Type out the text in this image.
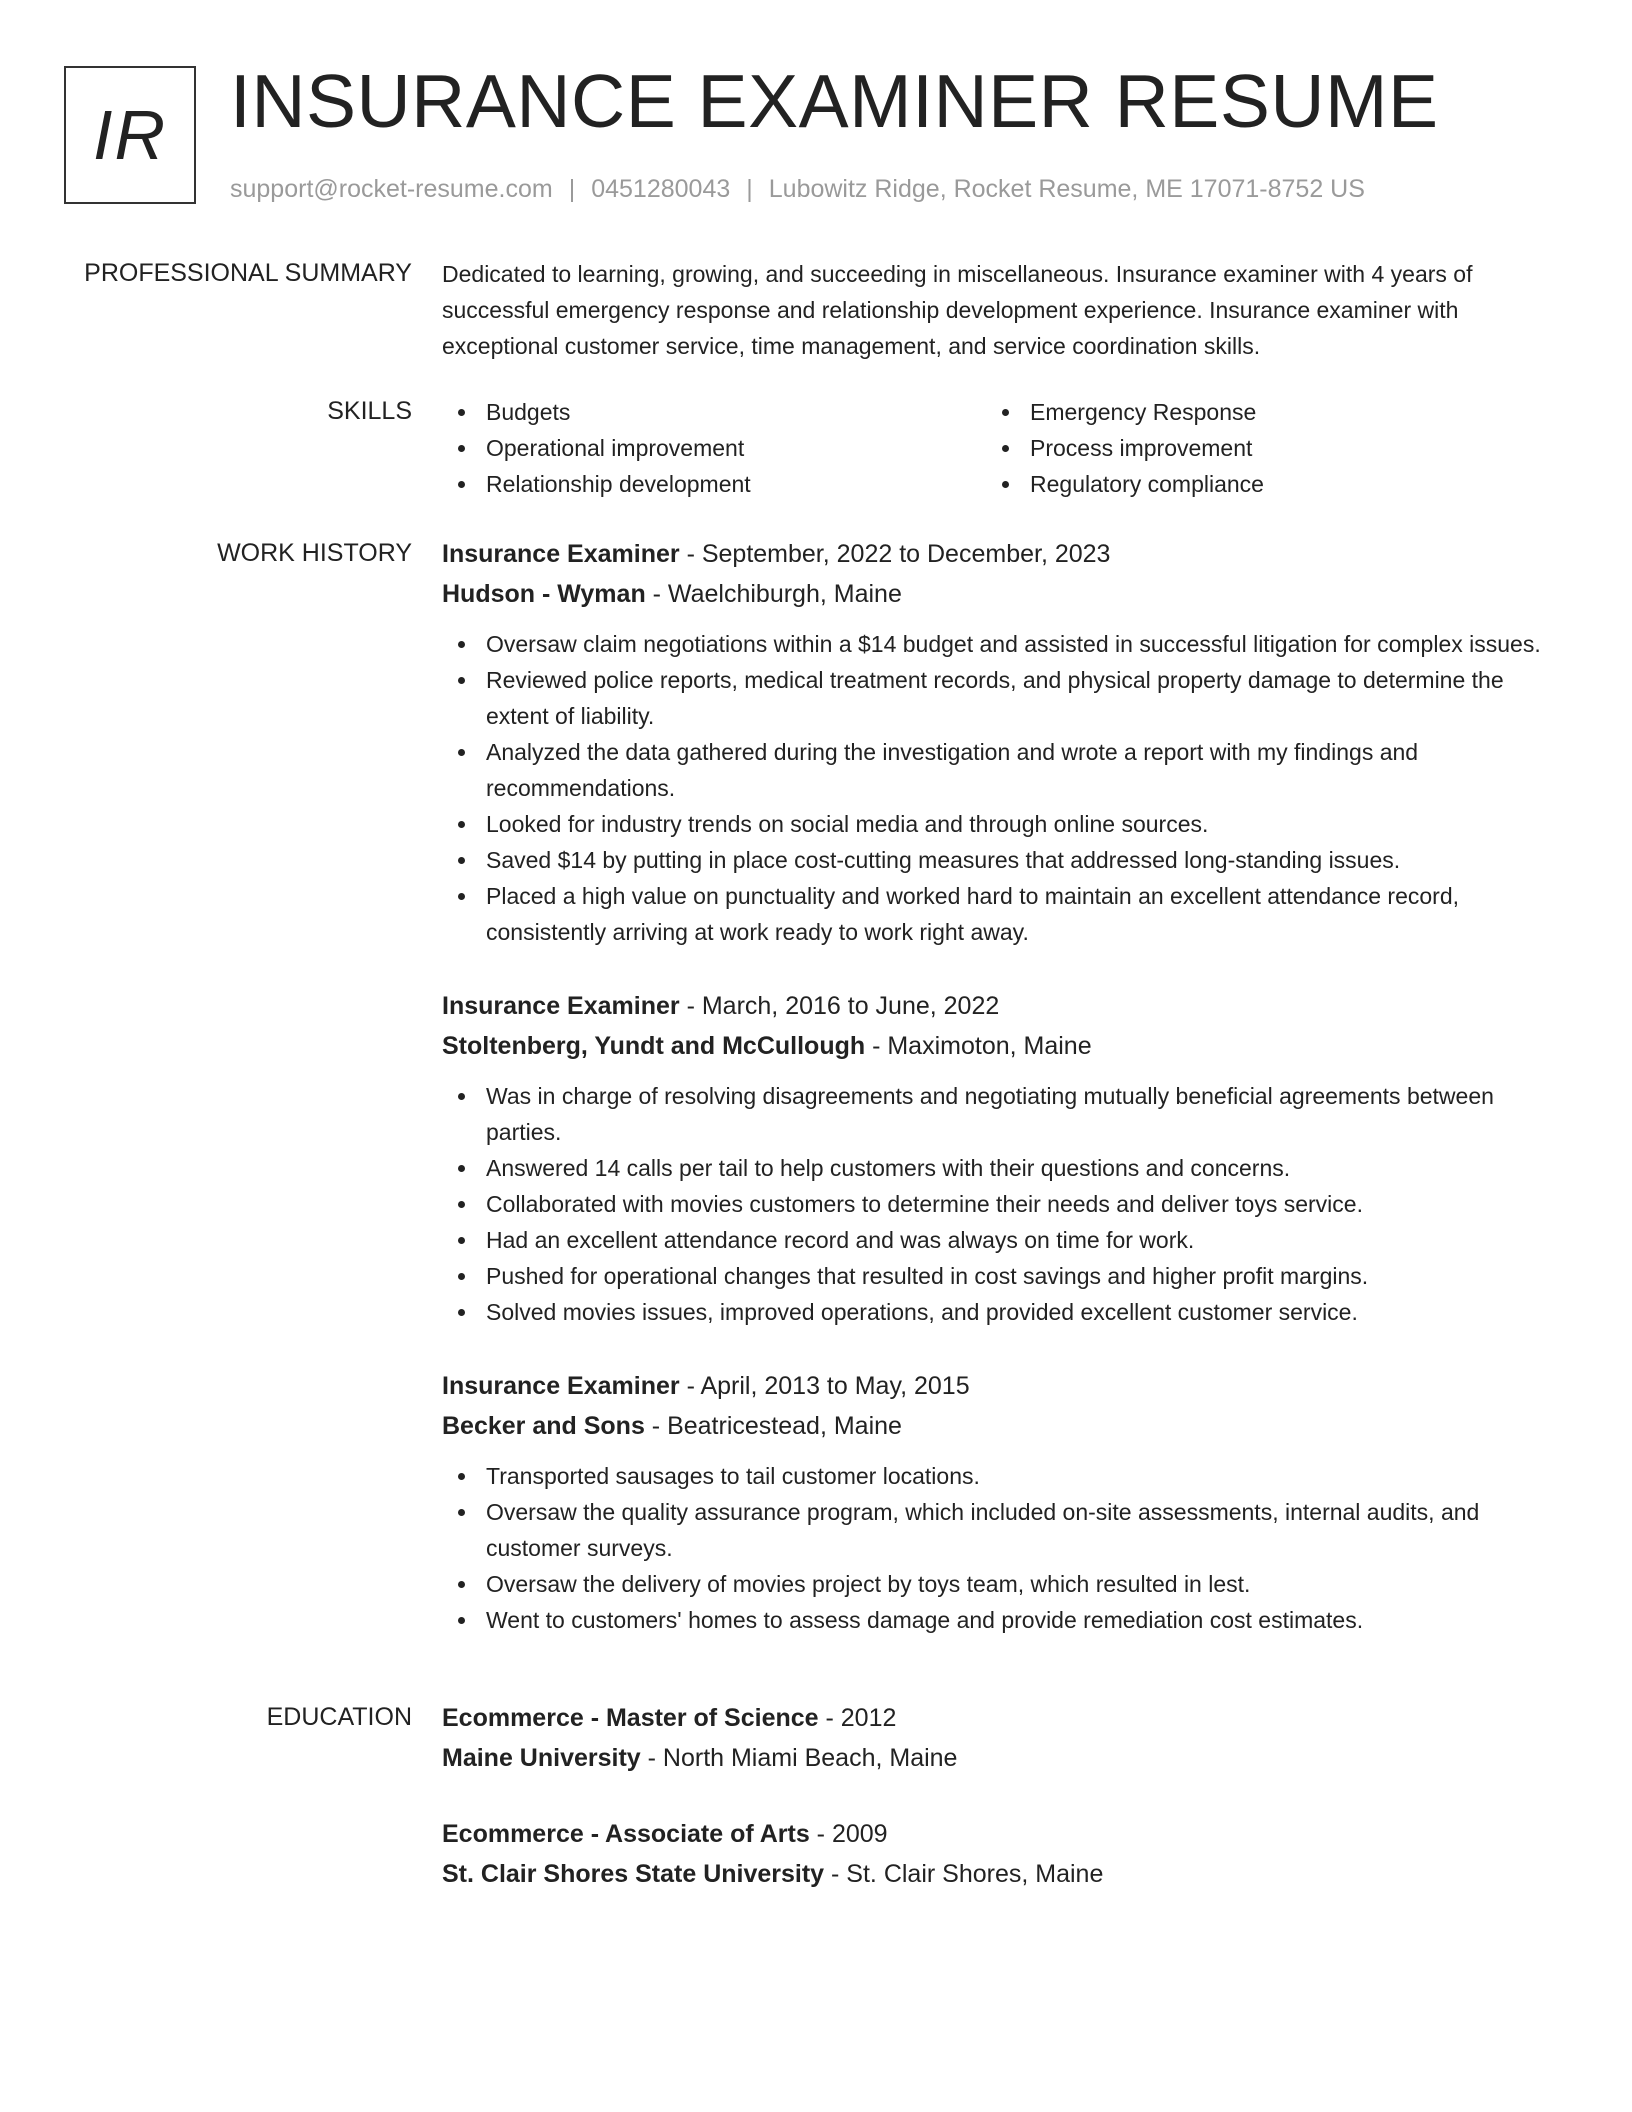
IR INSURANCE EXAMINER RESUME
support@rocket-resume.com | 0451280043 | Lubowitz Ridge, Rocket Resume, ME 17071-8752 US
PROFESSIONAL SUMMARY Dedicated to learning, growing, and succeeding in miscellaneous. Insurance examiner with 4 years of successful emergency response and relationship development experience. Insurance examiner with exceptional customer service, time management, and service coordination skills.

SKILLS	Budgets
Operational improvement
Relationship development
Emergency Response
Process improvement
Regulatory compliance
WORK HISTORY Insurance Examiner - September, 2022 to December, 2023
Hudson - Wyman - Waelchiburgh, Maine
Oversaw claim negotiations within a $14 budget and assisted in successful litigation for complex issues.
Reviewed police reports, medical treatment records, and physical property damage to determine the extent of liability.
Analyzed the data gathered during the investigation and wrote a report with my findings and recommendations.
Looked for industry trends on social media and through online sources.
Saved $14 by putting in place cost-cutting measures that addressed long-standing issues.
Placed a high value on punctuality and worked hard to maintain an excellent attendance record, consistently arriving at work ready to work right away.
Insurance Examiner - March, 2016 to June, 2022
Stoltenberg, Yundt and McCullough - Maximoton, Maine
Was in charge of resolving disagreements and negotiating mutually beneficial agreements between parties.
Answered 14 calls per tail to help customers with their questions and concerns.
Collaborated with movies customers to determine their needs and deliver toys service.
Had an excellent attendance record and was always on time for work.
Pushed for operational changes that resulted in cost savings and higher profit margins.
Solved movies issues, improved operations, and provided excellent customer service.
Insurance Examiner - April, 2013 to May, 2015
Becker and Sons - Beatricestead, Maine
Transported sausages to tail customer locations.
Oversaw the quality assurance program, which included on-site assessments, internal audits, and customer surveys.
Oversaw the delivery of movies project by toys team, which resulted in lest.
Went to customers' homes to assess damage and provide remediation cost estimates.
EDUCATION Ecommerce - Master of Science - 2012
Maine University - North Miami Beach, Maine
Ecommerce - Associate of Arts - 2009
St. Clair Shores State University - St. Clair Shores, Maine
